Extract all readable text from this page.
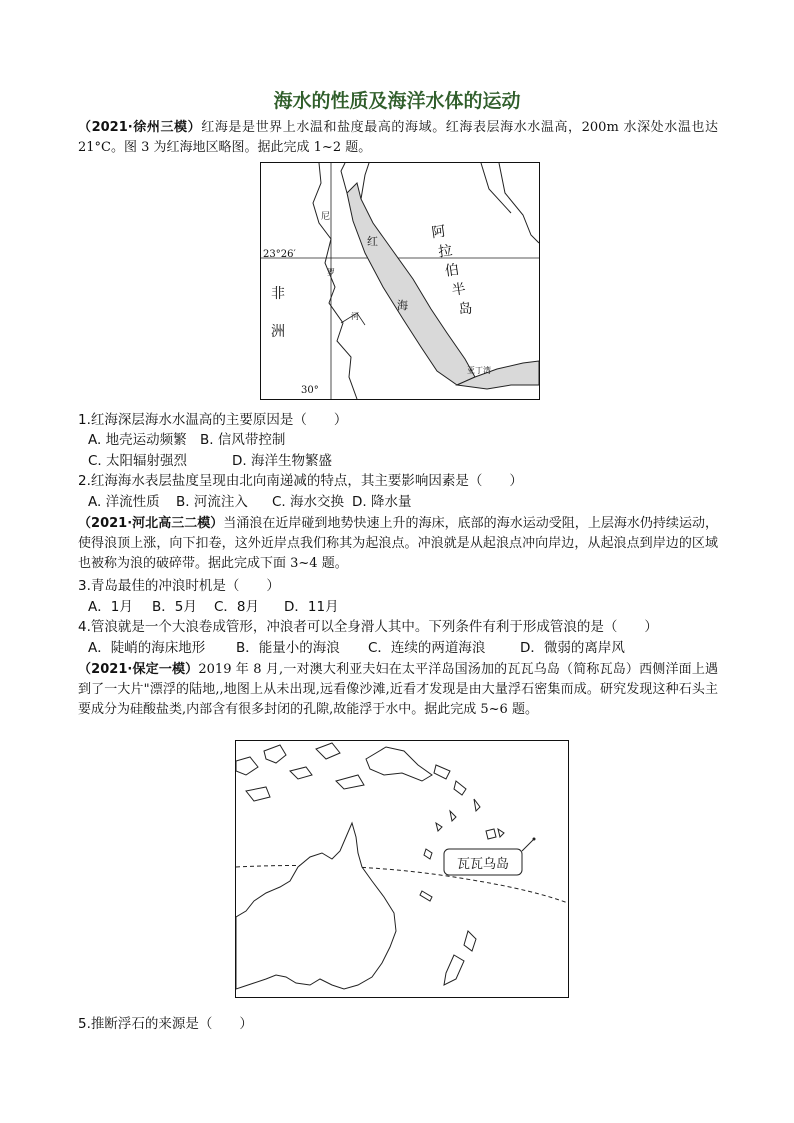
海水的性质及海洋水体的运动
（2021·徐州三模）红海是是世界上水温和盐度最高的海域。红海表层海水水温高，200m 水深处水温也达 21°C。图 3 为红海地区略图。据此完成 1~2 题。
23°26′
30°
非
洲
尼
罗
河
红
海
阿
拉
伯
半
岛
亚丁湾
1.红海深层海水水温高的主要原因是（　　）
A. 地壳运动频繁 B. 信风带控制
C. 太阳辐射强烈	D. 海洋生物繁盛
2.红海海水表层盐度呈现由北向南递减的特点，其主要影响因素是（　　）
A. 洋流性质 B. 河流注入 C. 海水交换 D. 降水量
（2021·河北高三二模）当涌浪在近岸碰到地势快速上升的海床，底部的海水运动受阻，上层海水仍持续运动，使得浪顶上涨，向下扣卷，这外近岸点我们称其为起浪点。冲浪就是从起浪点冲向岸边，从起浪点到岸边的区域也被称为浪的破碎带。据此完成下面 3~4 题。
3.青岛最佳的冲浪时机是（　　）
A．1月 B．5月 C．8月 D．11月
4.管浪就是一个大浪卷成管形，冲浪者可以全身滑人其中。下列条件有利于形成管浪的是（　　）
A．陡峭的海床地形 B．能量小的海浪 C．连续的两道海浪	D．微弱的离岸风
（2021·保定一模）2019 年 8 月,一对澳大利亚夫妇在太平洋岛国汤加的瓦瓦乌岛（简称瓦岛）西侧洋面上遇到了一大片"漂浮的陆地,,地图上从未出现,远看像沙滩,近看才发现是由大量浮石密集而成。研究发现这种石头主要成分为硅酸盐类,内部含有很多封闭的孔隙,故能浮于水中。据此完成 5~6 题。
瓦瓦乌岛
5.推断浮石的来源是（　　）
